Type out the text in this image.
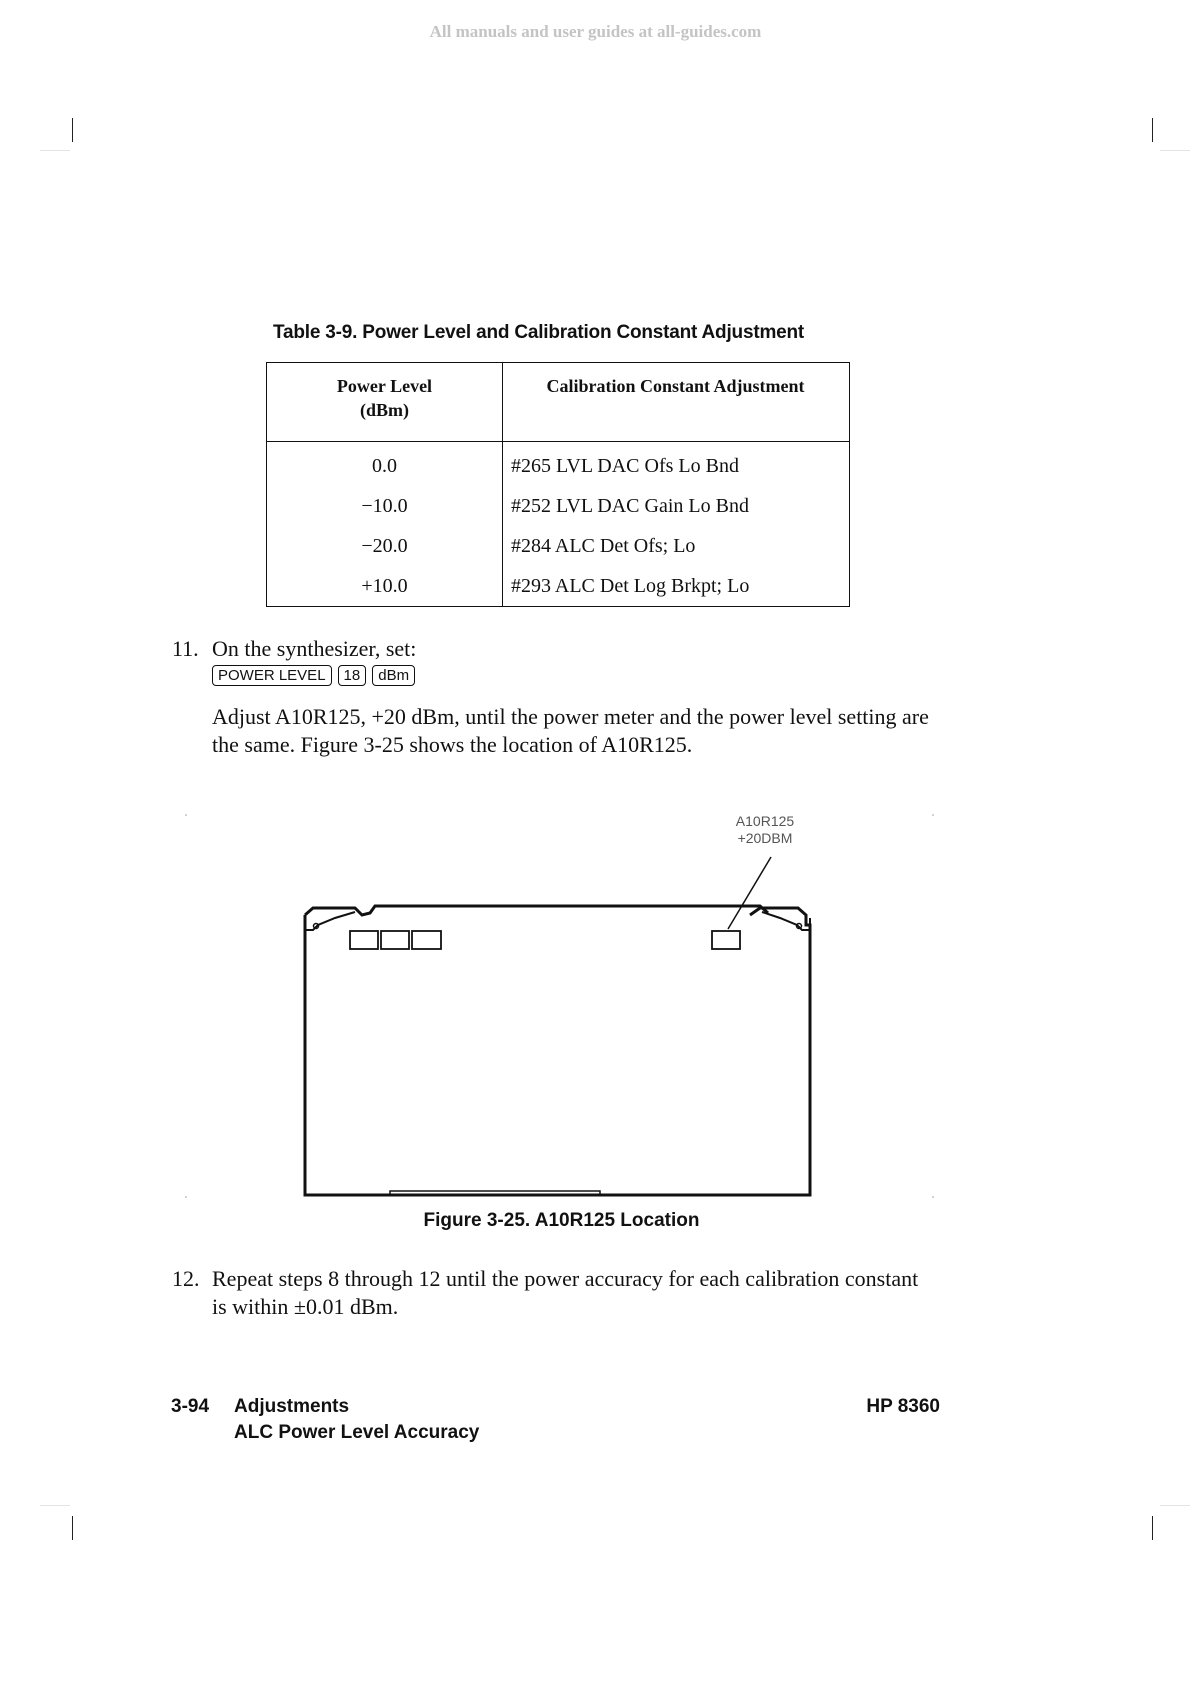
All manuals and user guides at all-guides.com
Table 3-9. Power Level and Calibration Constant Adjustment
Power Level (dBm)	Calibration Constant Adjustment
0.0	#265 LVL DAC Ofs Lo Bnd
−10.0	#252 LVL DAC Gain Lo Bnd
−20.0	#284 ALC Det Ofs; Lo
+10.0	#293 ALC Det Log Brkpt; Lo
11. On the synthesizer, set:
POWER LEVEL 18 dBm
Adjust A10R125, +20 dBm, until the power meter and the power level setting are the same. Figure 3-25 shows the location of A10R125.
A10R125
+20DBM
Figure 3-25. A10R125 Location
12. Repeat steps 8 through 12 until the power accuracy for each calibration constant is within ±0.01 dBm.
3-94 Adjustments
ALC Power Level Accuracy
HP 8360
